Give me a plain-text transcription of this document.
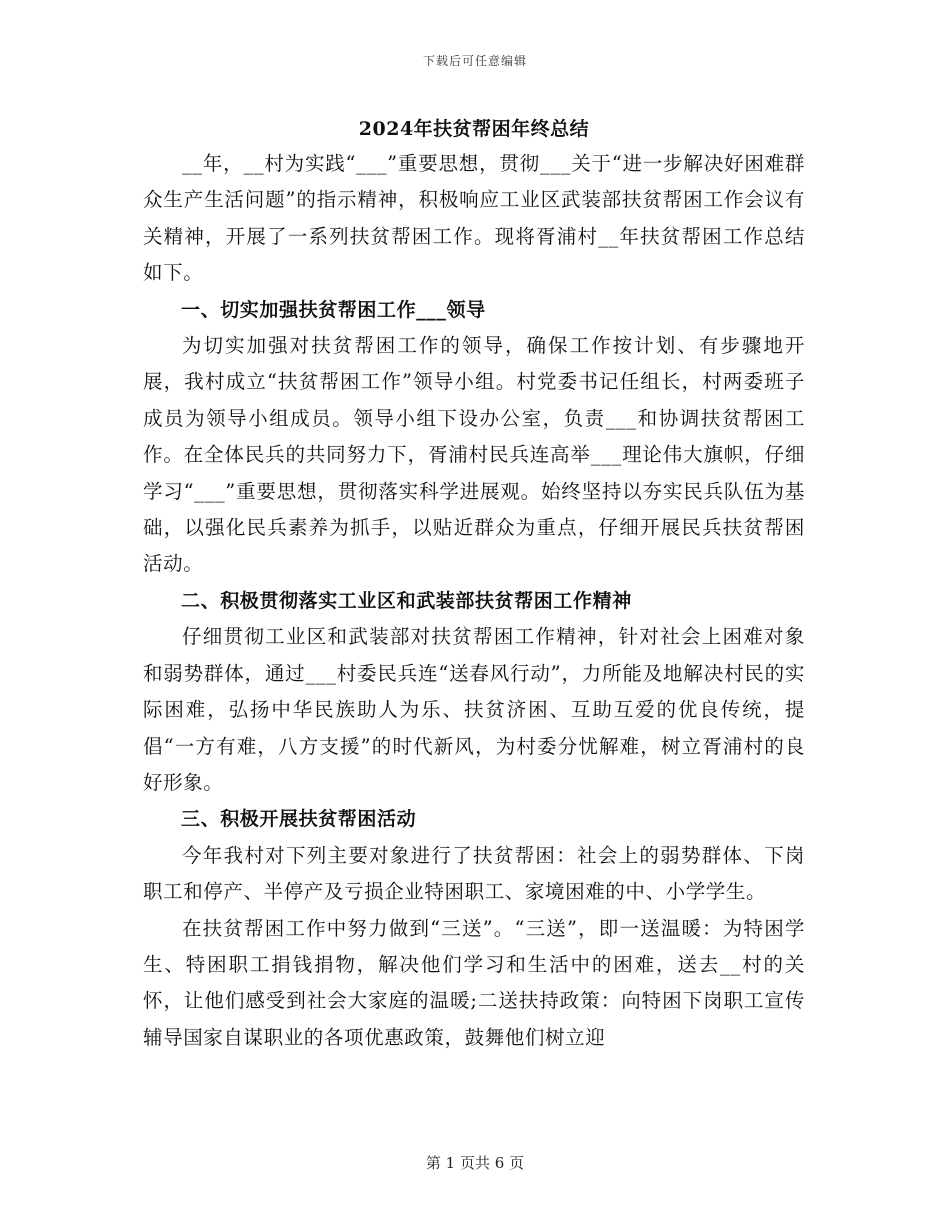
下载后可任意编辑
2024年扶贫帮困年终总结

__年，__村为实践“___”重要思想，贯彻___关于“进一步解决好困难群众生产生活问题”的指示精神，积极响应工业区武装部扶贫帮困工作会议有关精神，开展了一系列扶贫帮困工作。现将胥浦村__年扶贫帮困工作总结如下。

一、切实加强扶贫帮困工作___领导

为切实加强对扶贫帮困工作的领导，确保工作按计划、有步骤地开展，我村成立“扶贫帮困工作”领导小组。村党委书记任组长，村两委班子成员为领导小组成员。领导小组下设办公室，负责___和协调扶贫帮困工作。在全体民兵的共同努力下，胥浦村民兵连高举___理论伟大旗帜，仔细学习“___”重要思想，贯彻落实科学进展观。始终坚持以夯实民兵队伍为基础，以强化民兵素养为抓手，以贴近群众为重点，仔细开展民兵扶贫帮困活动。

二、积极贯彻落实工业区和武装部扶贫帮困工作精神

仔细贯彻工业区和武装部对扶贫帮困工作精神，针对社会上困难对象和弱势群体，通过___村委民兵连“送春风行动”，力所能及地解决村民的实际困难，弘扬中华民族助人为乐、扶贫济困、互助互爱的优良传统，提倡“一方有难，八方支援”的时代新风，为村委分忧解难，树立胥浦村的良好形象。

三、积极开展扶贫帮困活动

今年我村对下列主要对象进行了扶贫帮困：社会上的弱势群体、下岗职工和停产、半停产及亏损企业特困职工、家境困难的中、小学学生。

在扶贫帮困工作中努力做到“三送”。“三送”，即一送温暖：为特困学生、特困职工捐钱捐物，解决他们学习和生活中的困难，送去__村的关怀，让他们感受到社会大家庭的温暖;二送扶持政策：向特困下岗职工宣传辅导国家自谋职业的各项优惠政策，鼓舞他们树立迎

第 1 页共 6 页
